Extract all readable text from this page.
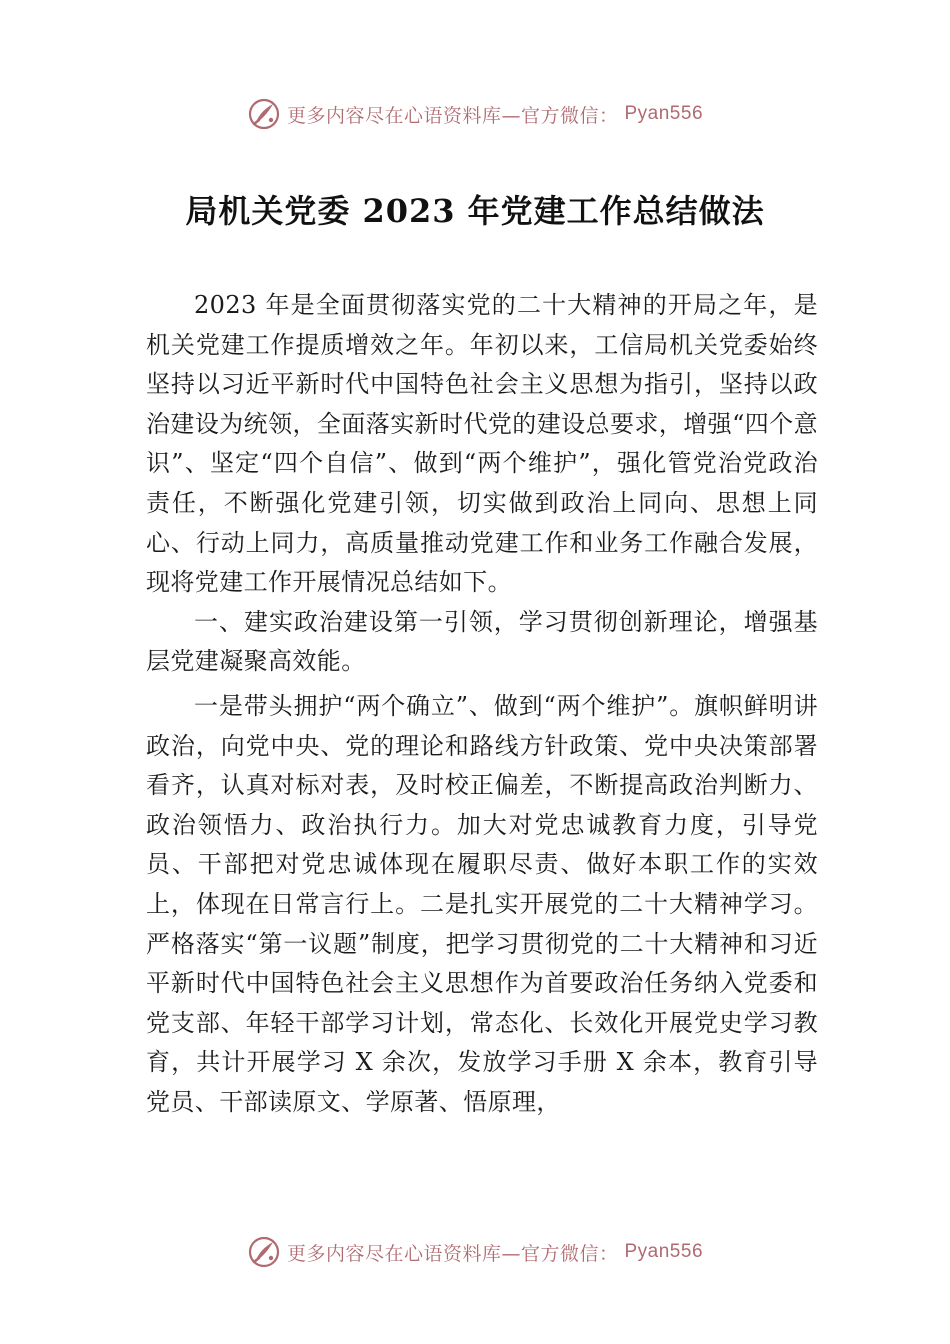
更多内容尽在心语资料库—官方微信： Pyan556
局机关党委 2023 年党建工作总结做法

2023 年是全面贯彻落实党的二十大精神的开局之年，是机关党建工作提质增效之年。年初以来，工信局机关党委始终坚持以习近平新时代中国特色社会主义思想为指引，坚持以政治建设为统领，全面落实新时代党的建设总要求，增强“四个意识”、坚定“四个自信”、做到“两个维护”，强化管党治党政治责任，不断强化党建引领，切实做到政治上同向、思想上同心、行动上同力，高质量推动党建工作和业务工作融合发展，现将党建工作开展情况总结如下。

一、建实政治建设第一引领，学习贯彻创新理论，增强基层党建凝聚高效能。

一是带头拥护“两个确立”、做到“两个维护”。旗帜鲜明讲政治，向党中央、党的理论和路线方针政策、党中央决策部署看齐，认真对标对表，及时校正偏差，不断提高政治判断力、政治领悟力、政治执行力。加大对党忠诚教育力度，引导党员、干部把对党忠诚体现在履职尽责、做好本职工作的实效上，体现在日常言行上。二是扎实开展党的二十大精神学习。严格落实“第一议题”制度，把学习贯彻党的二十大精神和习近平新时代中国特色社会主义思想作为首要政治任务纳入党委和党支部、年轻干部学习计划，常态化、长效化开展党史学习教育，共计开展学习 X 余次，发放学习手册 X 余本，教育引导党员、干部读原文、学原著、悟原理，

更多内容尽在心语资料库—官方微信： Pyan556
